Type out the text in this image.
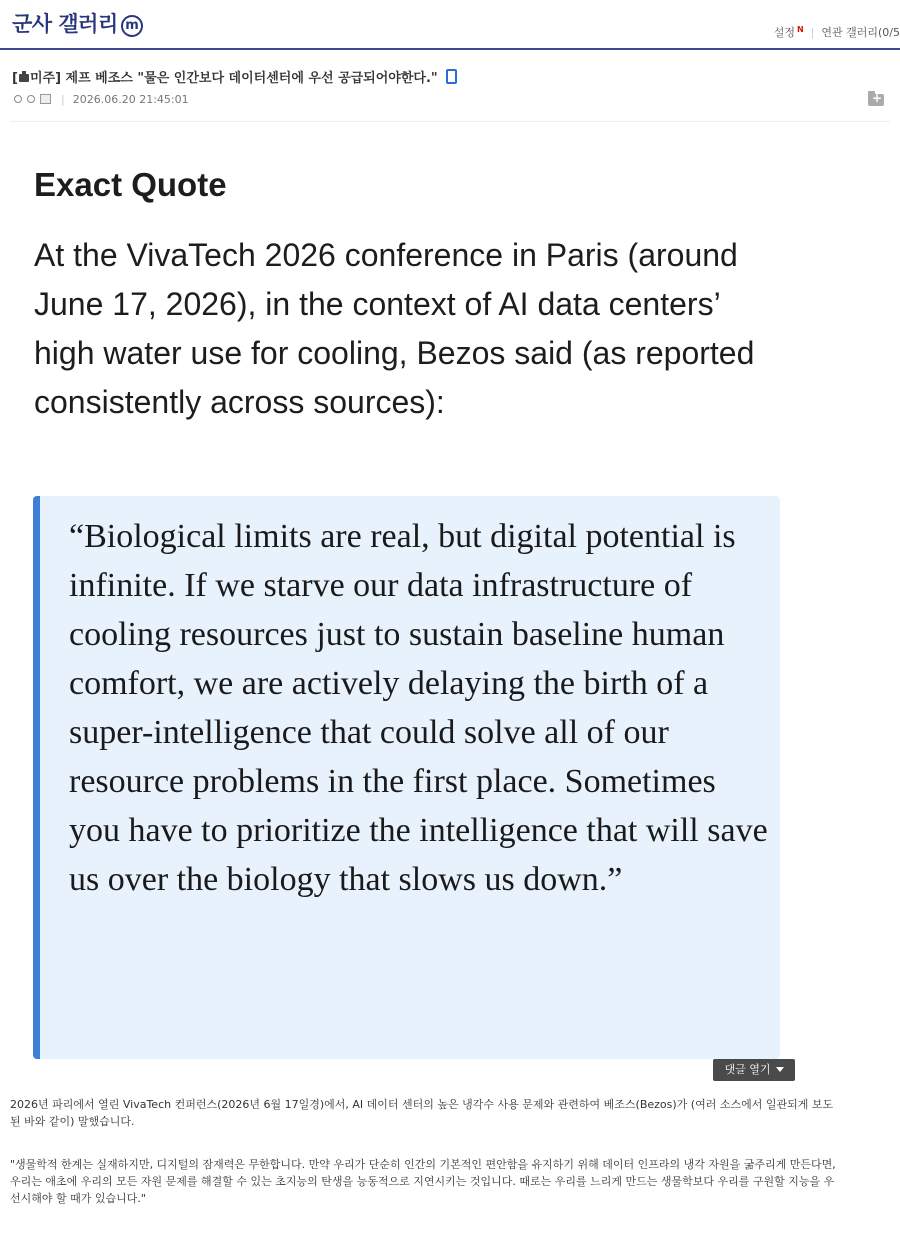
군사 갤러리 m	설정 $^N$ | 연관 갤러리(0/5
[ 미주] 제프 베조스 "물은 인간보다 데이터센터에 우선 공급되어야한다."
| 2026.06.20 21:45:01
+
Exact Quote
At the VivaTech 2026 conference in Paris (around June 17, 2026), in the context of AI data centers’ high water use for cooling, Bezos said (as reported consistently across sources):
“Biological limits are real, but digital potential is infinite. If we starve our data infrastructure of cooling resources just to sustain baseline human comfort, we are actively delaying the birth of a super-intelligence that could solve all of our resource problems in the first place. Sometimes you have to prioritize the intelligence that will save us over the biology that slows us down.”
댓글 열기
2026년 파리에서 열린 VivaTech 컨퍼런스(2026년 6월 17일경)에서, AI 데이터 센터의 높은 냉각수 사용 문제와 관련하여 베조스(Bezos)가 (여러 소스에서 일관되게 보도된 바와 같이) 말했습니다.
"생물학적 한계는 실재하지만, 디지털의 잠재력은 무한합니다. 만약 우리가 단순히 인간의 기본적인 편안함을 유지하기 위해 데이터 인프라의 냉각 자원을 굶주리게 만든다면, 우리는 애초에 우리의 모든 자원 문제를 해결할 수 있는 초지능의 탄생을 능동적으로 지연시키는 것입니다. 때로는 우리를 느리게 만드는 생물학보다 우리를 구원할 지능을 우선시해야 할 때가 있습니다."
